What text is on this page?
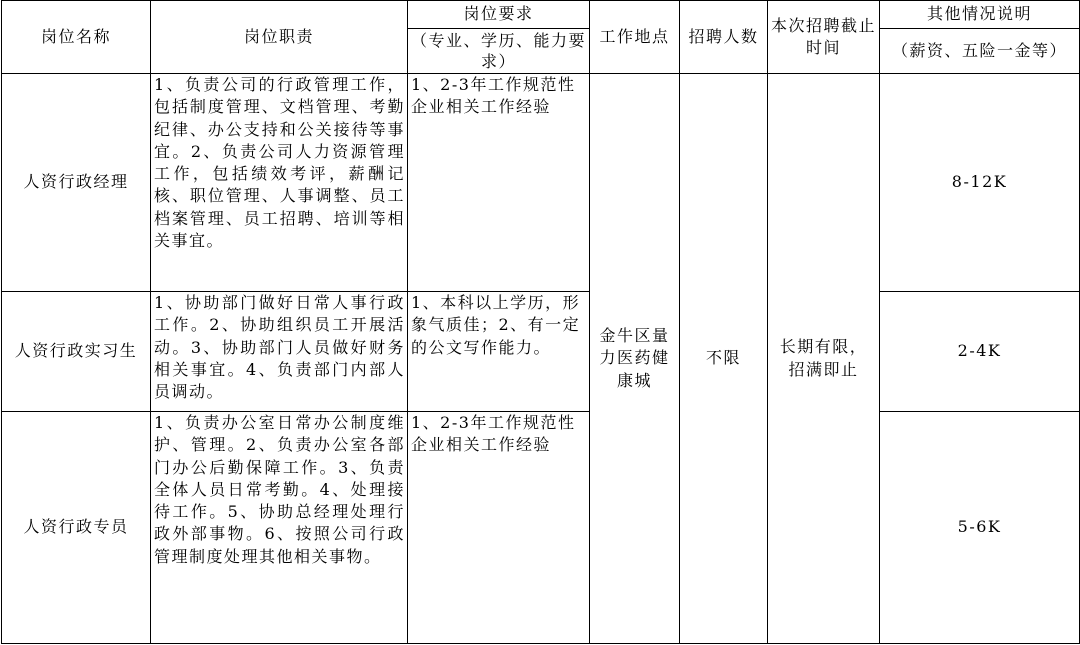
岗位名称	岗位职责	岗位要求	工作地点	招聘人数	本次招聘截止时间	其他情况说明
		（专业、学历、能力要求）				（薪资、五险一金等）
人资行政经理	1、负责公司的行政管理工作，包括制度管理、文档管理、考勤纪律、办公支持和公关接待等事宜。2、负责公司人力资源管理工作，包括绩效考评，薪酬记核、职位管理、人事调整、员工档案管理、员工招聘、培训等相关事宜。	1、2-3年工作规范性企业相关工作经验	金牛区量力医药健康城	不限	长期有限，招满即止	8-12K
人资行政实习生	1、协助部门做好日常人事行政工作。2、协助组织员工开展活动。3、协助部门人员做好财务相关事宜。4、负责部门内部人员调动。	1、本科以上学历，形象气质佳；2、有一定的公文写作能力。				2-4K
人资行政专员	1、负责办公室日常办公制度维护、管理。2、负责办公室各部门办公后勤保障工作。3、负责全体人员日常考勤。4、处理接待工作。5、协助总经理处理行政外部事物。6、按照公司行政管理制度处理其他相关事物。	1、2-3年工作规范性企业相关工作经验				5-6K
